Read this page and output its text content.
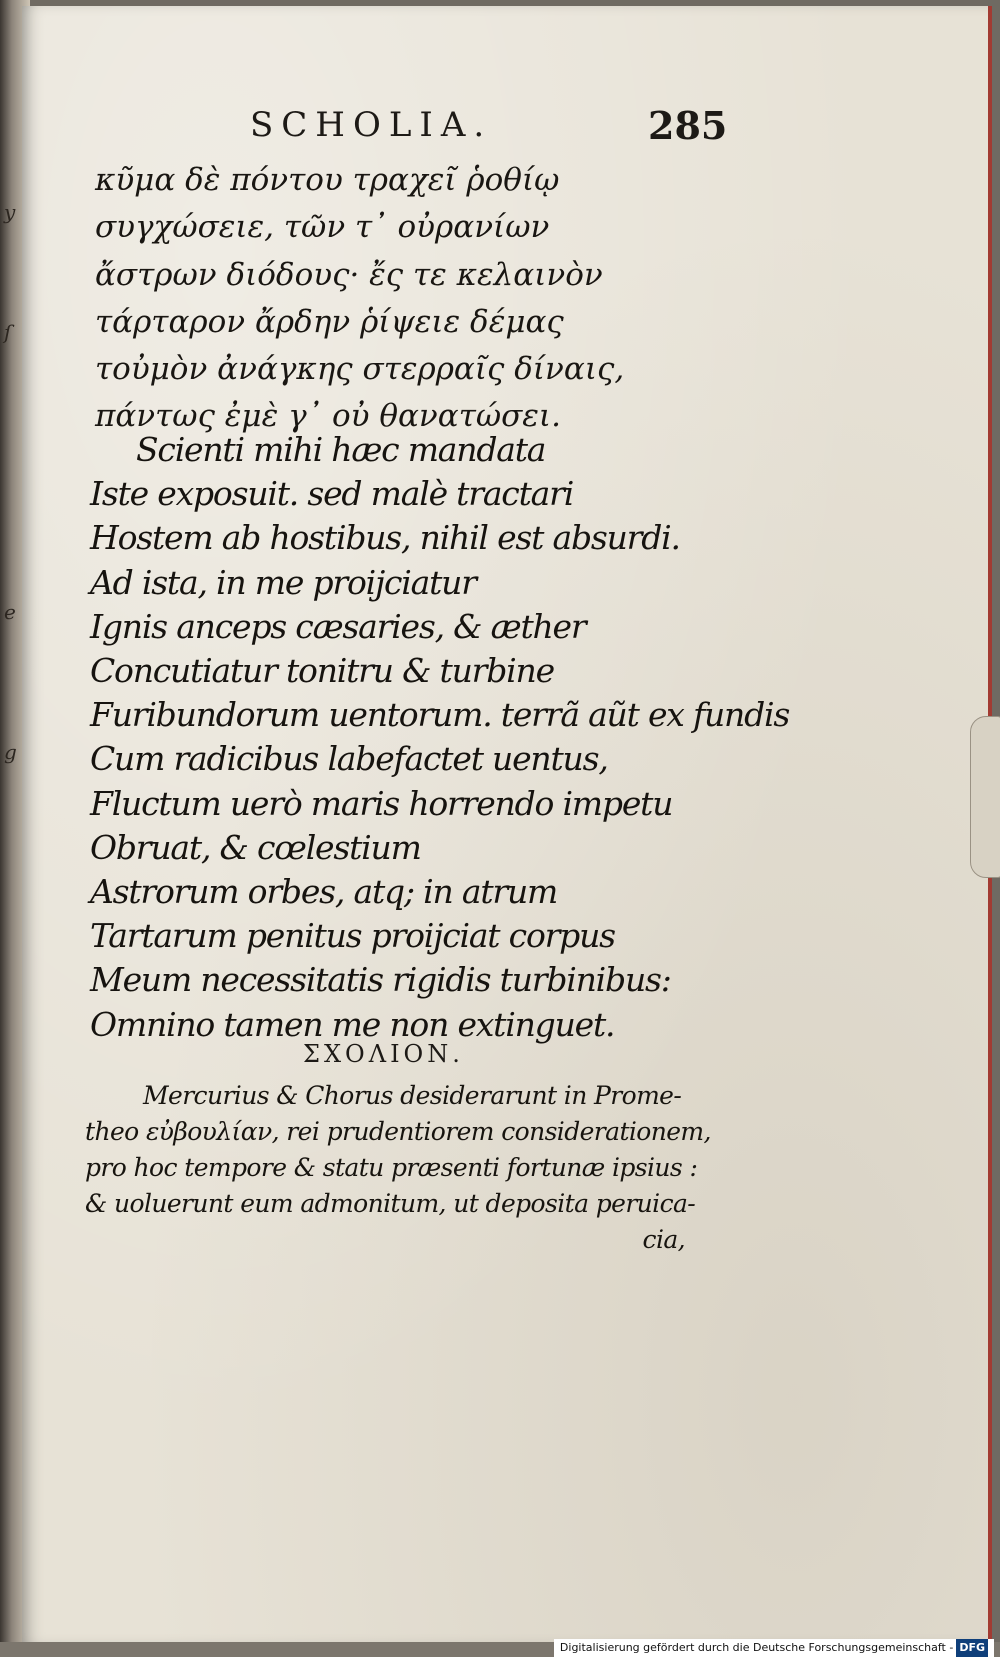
y
ſ
e
g
SCHOLIA.	285
κῦμα δὲ πόντου τραχεῖ ῥοθίῳ
συγχώσειε, τῶν τ᾽ οὐρανίων
ἄστρων διόδους· ἔς τε κελαινὸν
τάρταρον ἄρδην ῥίψειε δέμας
τοὐμὸν ἀνάγκης στερραῖς δίναις,
πάντως ἐμὲ γ᾽ οὐ θανατώσει.
Scienti mihi hæc mandata
Iste exposuit. sed malè tractari
Hostem ab hostibus, nihil est absurdi.
Ad ista, in me proijciatur
Ignis anceps cæsaries, & æther
Concutiatur tonitru & turbine
Furibundorum uentorum. terrã aũt ex fundis
Cum radicibus labefactet uentus,
Fluctum uerò maris horrendo impetu
Obruat, & cœlestium
Astrorum orbes, atq; in atrum
Tartarum penitus proijciat corpus
Meum necessitatis rigidis turbinibus:
Omnino tamen me non extinguet.
ΣΧΟΛΙΟΝ.
Mercurius & Chorus desiderarunt in Prome-
theo εὐβουλίαν, rei prudentiorem considerationem,
pro hoc tempore & statu præsenti fortunæ ipsius :
& uoluerunt eum admonitum, ut deposita peruica-
cia,
Digitalisierung gefördert durch die Deutsche Forschungsgemeinschaft - DFG
